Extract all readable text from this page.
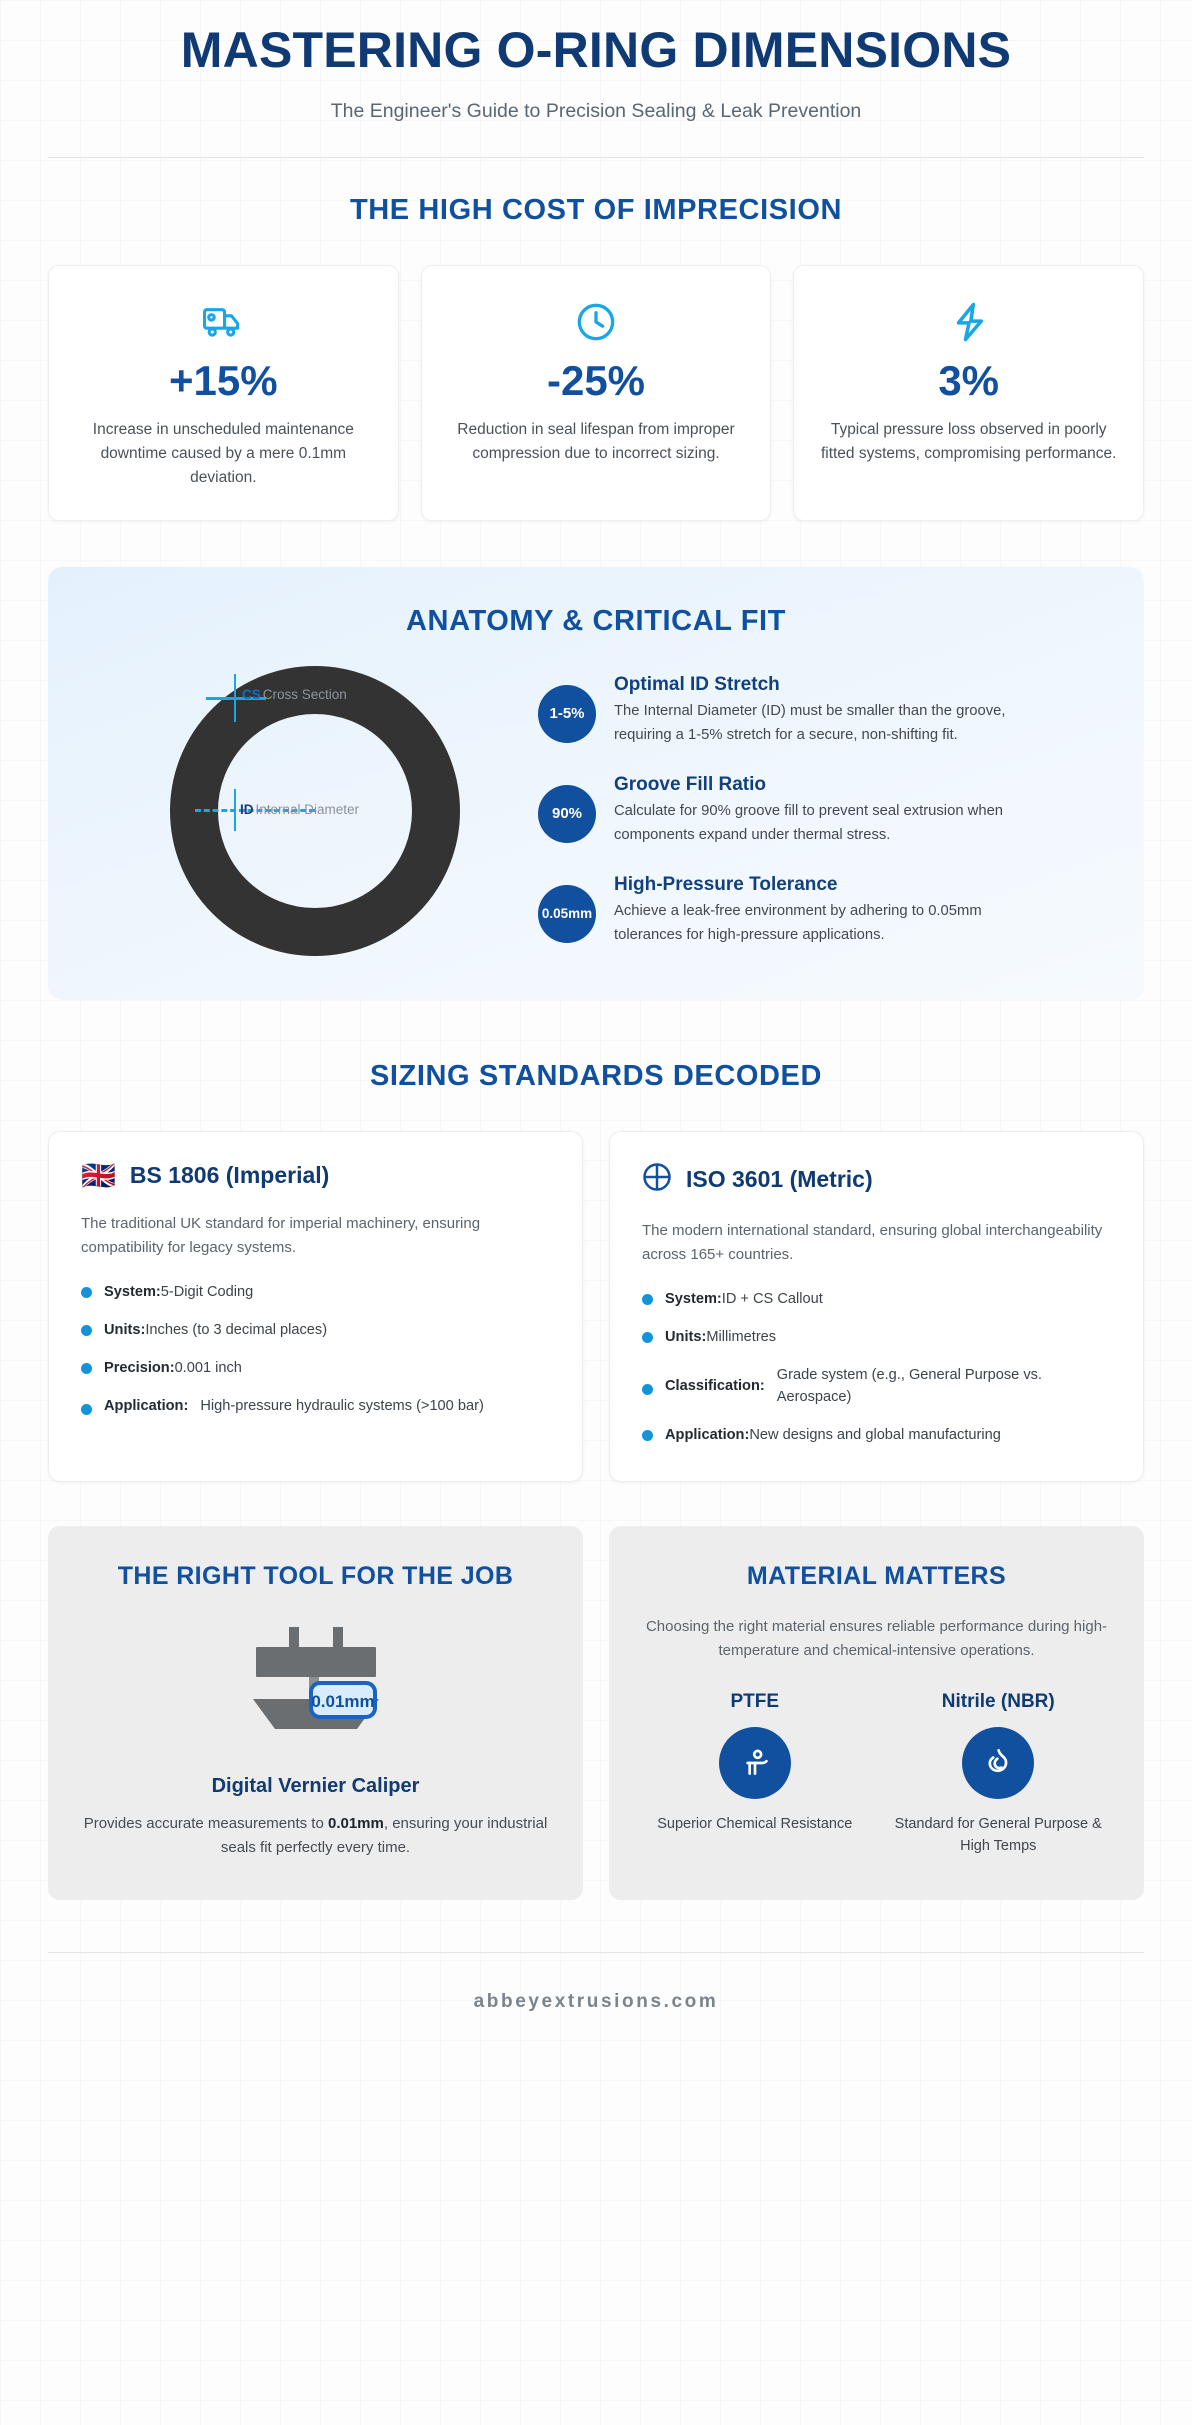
MASTERING O-RING DIMENSIONS
The Engineer's Guide to Precision Sealing & Leak Prevention
THE HIGH COST OF IMPRECISION
+15%
Increase in unscheduled maintenance downtime caused by a mere 0.1mm deviation.
-25%
Reduction in seal lifespan from improper compression due to incorrect sizing.
3%
Typical pressure loss observed in poorly fitted systems, compromising performance.
ANATOMY & CRITICAL FIT
CS Cross Section
ID Internal Diameter
1-5%
Optimal ID Stretch
The Internal Diameter (ID) must be smaller than the groove, requiring a 1-5% stretch for a secure, non-shifting fit.
90%
Groove Fill Ratio
Calculate for 90% groove fill to prevent seal extrusion when components expand under thermal stress.
0.05mm
High-Pressure Tolerance
Achieve a leak-free environment by adhering to 0.05mm tolerances for high-pressure applications.
SIZING STANDARDS DECODED
🇬🇧 BS 1806 (Imperial)
The traditional UK standard for imperial machinery, ensuring compatibility for legacy systems.
System:5-Digit Coding
Units:Inches (to 3 decimal places)
Precision:0.001 inch
Application: High-pressure hydraulic systems (>100 bar)
ISO 3601 (Metric)
The modern international standard, ensuring global interchangeability across 165+ countries.
System:ID + CS Callout
Units:Millimetres
Classification:
Grade system (e.g., General Purpose vs. Aerospace)
Application:New designs and global manufacturing
THE RIGHT TOOL FOR THE JOB
0.01mm
Digital Vernier Caliper
Provides accurate measurements to 0.01mm, ensuring your industrial seals fit perfectly every time.
MATERIAL MATTERS
Choosing the right material ensures reliable performance during high-temperature and chemical-intensive operations.
PTFE
Superior Chemical Resistance
Nitrile (NBR)
Standard for General Purpose & High Temps
abbeyextrusions.com
